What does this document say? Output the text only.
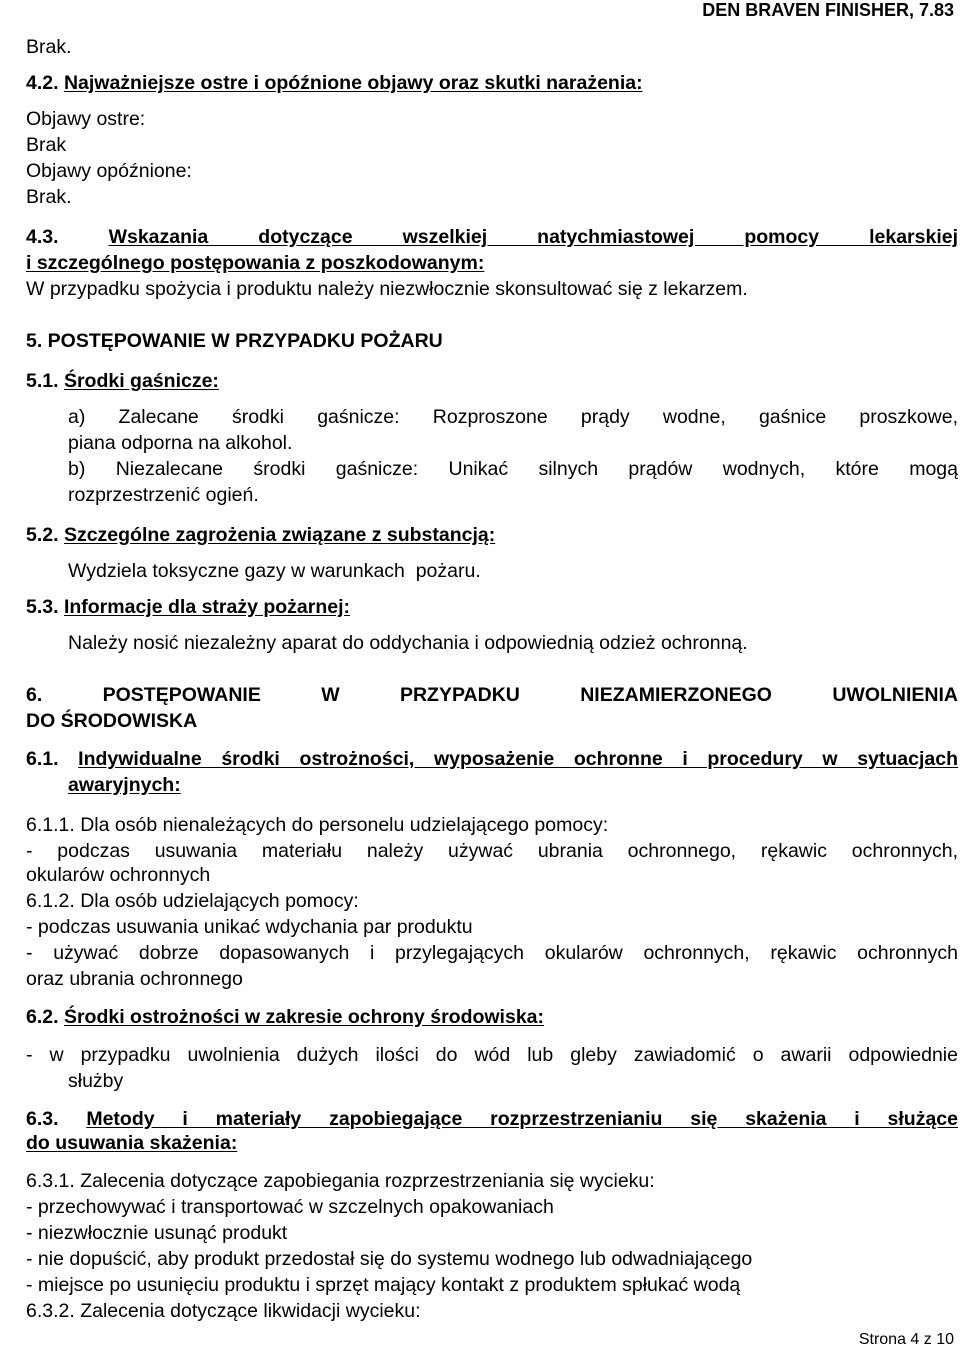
DEN BRAVEN FINISHER, 7.83
Brak.
4.2. Najważniejsze ostre i opóźnione objawy oraz skutki narażenia:
Objawy ostre:
Brak
Objawy opóźnione:
Brak.
4.3.	Wskazania dotyczące wszelkiej natychmiastowej pomocy lekarskiej
i szczególnego postępowania z poszkodowanym:
W przypadku spożycia i produktu należy niezwłocznie skonsultować się z lekarzem.
5. POSTĘPOWANIE W PRZYPADKU POŻARU
5.1. Środki gaśnicze:
a) Zalecane środki gaśnicze: Rozproszone prądy wodne, gaśnice proszkowe,
piana odporna na alkohol.
b) Niezalecane środki gaśnicze: Unikać silnych prądów wodnych, które mogą
rozprzestrzenić ogień.
5.2. Szczególne zagrożenia związane z substancją:
Wydziela toksyczne gazy w warunkach  pożaru.
5.3. Informacje dla straży pożarnej:
Należy nosić niezależny aparat do oddychania i odpowiednią odzież ochronną.
6. POSTĘPOWANIE W PRZYPADKU NIEZAMIERZONEGO UWOLNIENIA
DO ŚRODOWISKA
6.1. Indywidualne środki ostrożności, wyposażenie ochronne i procedury w sytuacjach
awaryjnych:
6.1.1. Dla osób nienależących do personelu udzielającego pomocy:
- podczas usuwania materiału należy używać ubrania ochronnego, rękawic ochronnych,
okularów ochronnych
6.1.2. Dla osób udzielających pomocy:
- podczas usuwania unikać wdychania par produktu
- używać dobrze dopasowanych i przylegających okularów ochronnych, rękawic ochronnych
oraz ubrania ochronnego
6.2. Środki ostrożności w zakresie ochrony środowiska:
- w przypadku uwolnienia dużych ilości do wód lub gleby zawiadomić o awarii odpowiednie
służby
6.3. Metody i materiały zapobiegające rozprzestrzenianiu się skażenia i służące
do usuwania skażenia:
6.3.1. Zalecenia dotyczące zapobiegania rozprzestrzeniania się wycieku:
- przechowywać i transportować w szczelnych opakowaniach
- niezwłocznie usunąć produkt
- nie dopuścić, aby produkt przedostał się do systemu wodnego lub odwadniającego
- miejsce po usunięciu produktu i sprzęt mający kontakt z produktem spłukać wodą
6.3.2. Zalecenia dotyczące likwidacji wycieku:
Strona 4 z 10
